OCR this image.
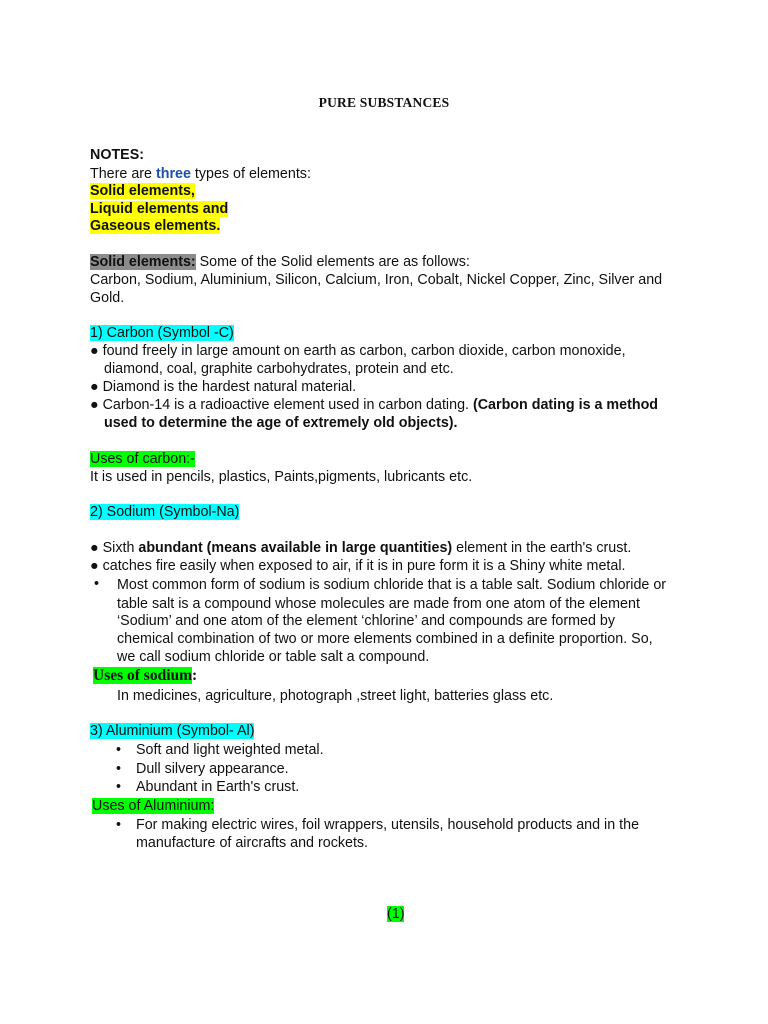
PURE SUBSTANCES
NOTES:
There are three types of elements:
Solid elements,
Liquid elements and
Gaseous elements.
Solid elements: Some of the Solid elements are as follows:
Carbon, Sodium, Aluminium, Silicon, Calcium, Iron, Cobalt, Nickel Copper, Zinc, Silver and
Gold.
1) Carbon (Symbol -C)
● found freely in large amount on earth as carbon, carbon dioxide, carbon monoxide,
diamond, coal, graphite carbohydrates, protein and etc.
● Diamond is the hardest natural material.
● Carbon-14 is a radioactive element used in carbon dating. (Carbon dating is a method
used to determine the age of extremely old objects).
Uses of carbon:-
It is used in pencils, plastics, Paints,pigments, lubricants etc.
2) Sodium (Symbol-Na)
● Sixth abundant (means available in large quantities) element in the earth's crust.
● catches fire easily when exposed to air, if it is in pure form it is a Shiny white metal.
• Most common form of sodium is sodium chloride that is a table salt. Sodium chloride or
table salt is a compound whose molecules are made from one atom of the element
‘Sodium’ and one atom of the element ‘chlorine’ and compounds are formed by
chemical combination of two or more elements combined in a definite proportion. So,
we call sodium chloride or table salt a compound.
Uses of sodium:
In medicines, agriculture, photograph ,street light, batteries glass etc.
3) Aluminium (Symbol- Al)
• Soft and light weighted metal.
• Dull silvery appearance.
• Abundant in Earth's crust.
Uses of Aluminium:
• For making electric wires, foil wrappers, utensils, household products and in the
manufacture of aircrafts and rockets.
(1)
